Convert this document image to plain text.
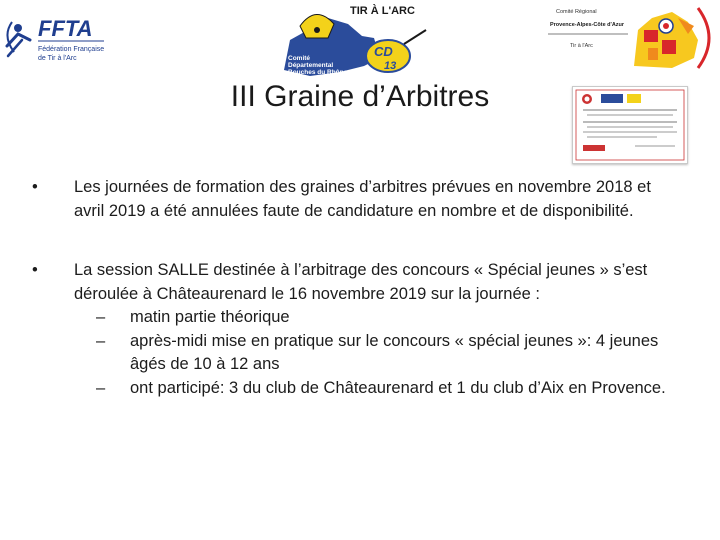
FFTA
Fédération Française
de Tir à l'Arc
TIR À L'ARC
Comité
Départemental
Bouches du Rhône
CD
13
Comité Régional
Provence-Alpes-Côte d'Azur
Tir à l'Arc
III Graine d’Arbitres
• Les journées de formation des graines d’arbitres prévues en novembre 2018 et avril 2019 a été annulées faute de candidature en nombre et de disponibilité.
• La session SALLE destinée à l’arbitrage des concours « Spécial jeunes » s’est déroulée à Châteaurenard le 16 novembre 2019 sur la journée :
– matin partie théorique
– après-midi mise en pratique sur le concours « spécial jeunes »: 4 jeunes âgés de 10 à 12 ans
– ont participé: 3 du club de Châteaurenard et 1 du club d’Aix en Provence.
